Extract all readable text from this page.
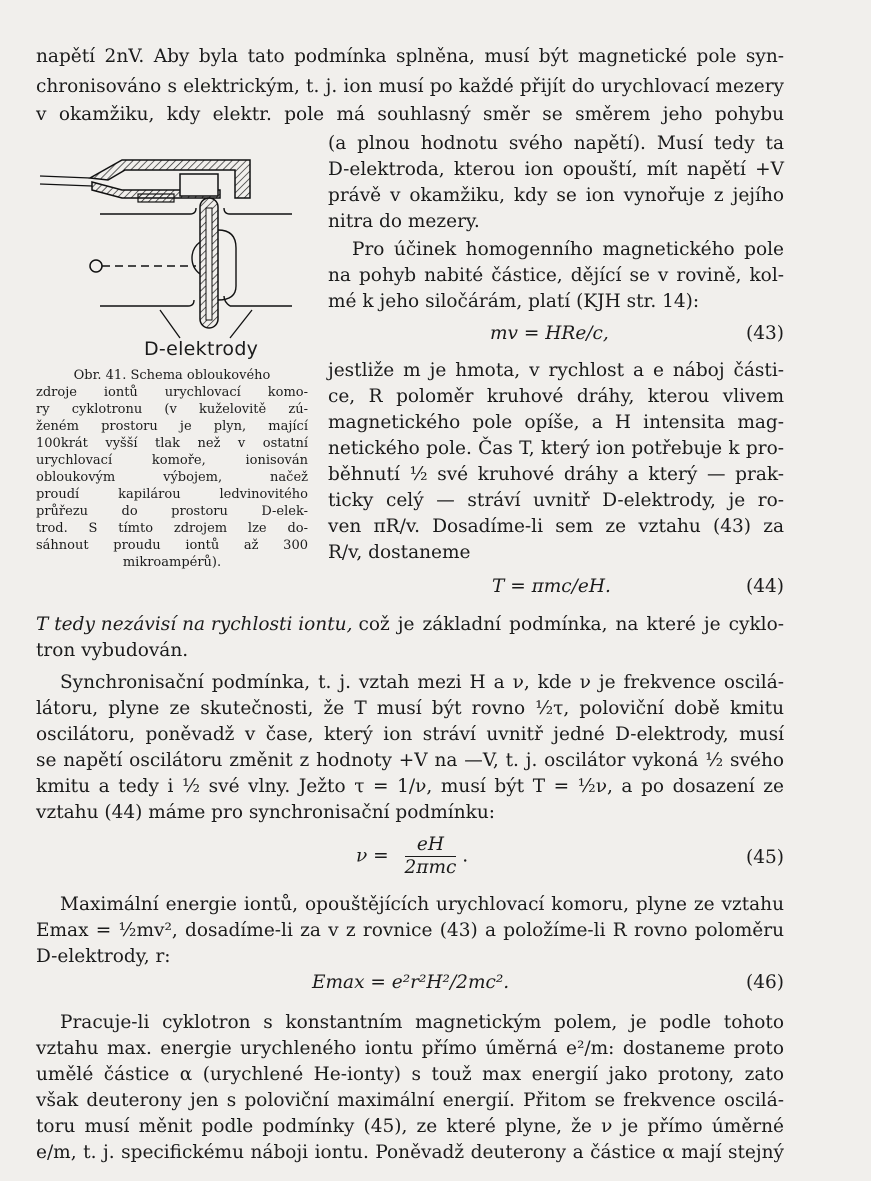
napětí 2nV. Aby byla tato podmínka splněna, musí být magnetické pole syn-
chronisováno s elektrickým, t. j. ion musí po každé přijít do urychlovací mezery
v okamžiku, kdy elektr. pole má souhlasný směr se směrem jeho pohybu
(a plnou hodnotu svého napětí). Musí tedy ta
D-elektroda, kterou ion opouští, mít napětí +V
právě v okamžiku, kdy se ion vynořuje z jejího
nitra do mezery.
Pro účinek homogenního magnetického pole
na pohyb nabité částice, dějící se v rovině, kol-
mé k jeho siločárám, platí (KJH str. 14):
mv = HRe/c,	(43)
jestliže m je hmota, v rychlost a e náboj části-
ce, R poloměr kruhové dráhy, kterou vlivem
magnetického pole opíše, a H intensita mag-
netického pole. Čas T, který ion potřebuje k pro-
běhnutí ½ své kruhové dráhy a který — prak-
ticky celý — stráví uvnitř D-elektrody, je ro-
ven πR/v. Dosadíme-li sem ze vztahu (43) za
R/v, dostaneme
T = πmc/eH.	(44)
D-elektrody
Obr. 41. Schema obloukového
zdroje iontů urychlovací komo-
ry cyklotronu (v kuželovitě zú-
ženém prostoru je plyn, mající
100krát vyšší tlak než v ostatní
urychlovací komoře, ionisován
obloukovým výbojem, načež
proudí kapilárou ledvinovitého
průřezu do prostoru D-elek-
trod. S tímto zdrojem lze do-
sáhnout proudu iontů až 300
mikroampérů).
T tedy nezávisí na rychlosti iontu, což je základní podmínka, na které je cyklo-
tron vybudován.
Synchronisační podmínka, t. j. vztah mezi H a ν, kde ν je frekvence oscilá-
látoru, plyne ze skutečnosti, že T musí být rovno ½τ, poloviční době kmitu
oscilátoru, poněvadž v čase, který ion stráví uvnitř jedné D-elektrody, musí
se napětí oscilátoru změnit z hodnoty +V na —V, t. j. oscilátor vykoná ½ svého
kmitu a tedy i ½ své vlny. Ježto τ = 1/ν, musí být T = ½ν, a po dosazení ze
vztahu (44) máme pro synchronisační podmínku:
$\nu = \frac{eH}{\text{2πmc}}$ .	(45)
Maximální energie iontů, opouštějících urychlovací komoru, plyne ze vztahu
Emax = ½mv², dosadíme-li za v z rovnice (43) a položíme-li R rovno poloměru
D-elektrody, r:
Emax = e²r²H²/2mc².	(46)
Pracuje-li cyklotron s konstantním magnetickým polem, je podle tohoto
vztahu max. energie urychleného iontu přímo úměrná e²/m: dostaneme proto
umělé částice α (urychlené He-ionty) s touž max energií jako protony, zato
však deuterony jen s poloviční maximální energií. Přitom se frekvence oscilá-
toru musí měnit podle podmínky (45), ze které plyne, že ν je přímo úměrné
e/m, t. j. specifickému náboji iontu. Poněvadž deuterony a částice α mají stejný
